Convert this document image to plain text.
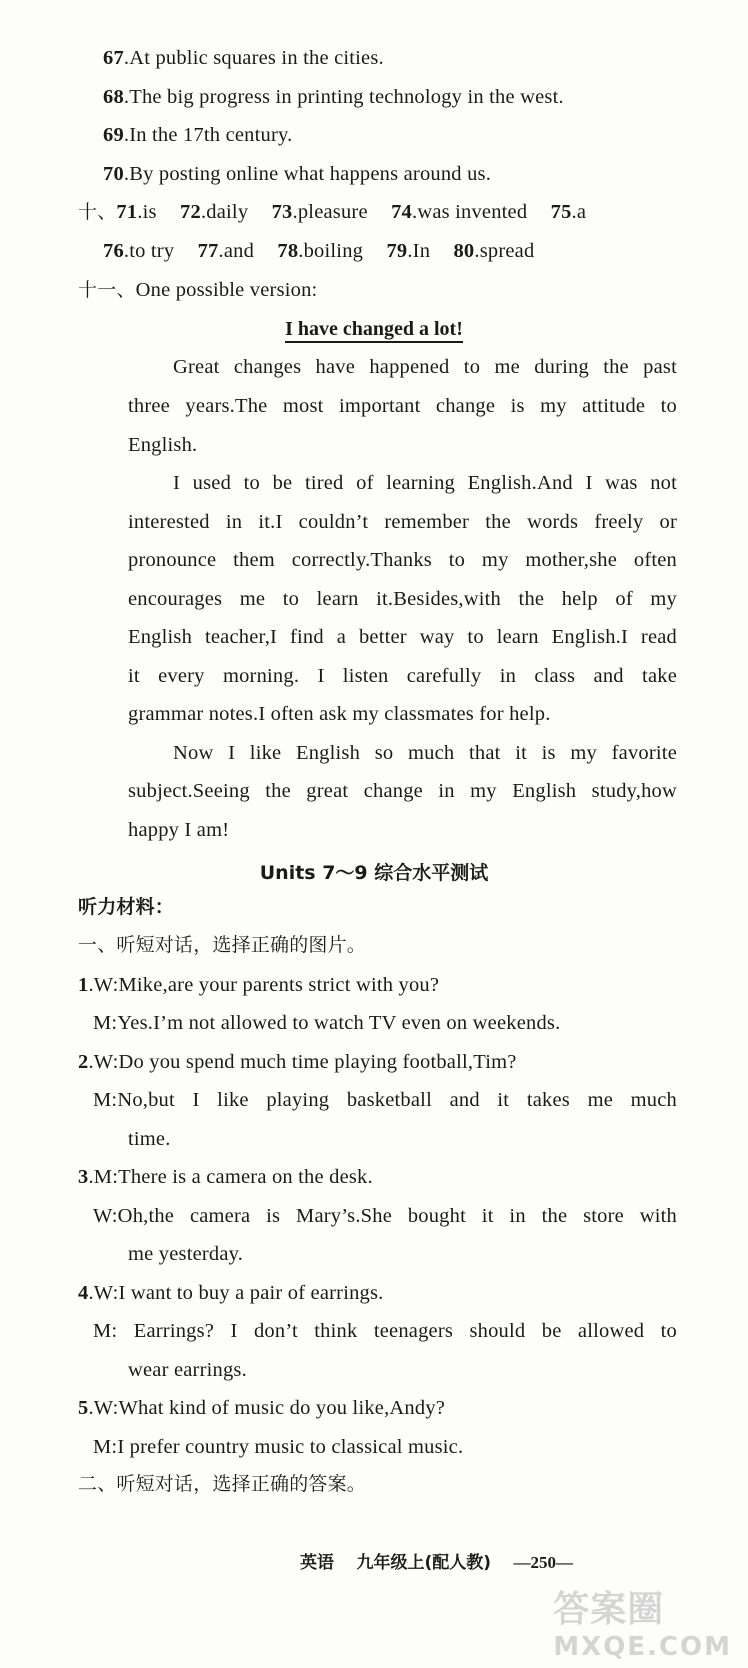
67.At public squares in the cities.
68.The big progress in printing technology in the west.
69.In the 17th century.
70.By posting online what happens around us.
十、71.is 72.daily 73.pleasure 74.was invented 75.a
76.to try 77.and 78.boiling 79.In 80.spread
十一、One possible version:
I have changed a lot!
Great changes have happened to me during the past
three years.The most important change is my attitude to
English.
I used to be tired of learning English.And I was not
interested in it.I couldn’t remember the words freely or
pronounce them correctly.Thanks to my mother,she often
encourages me to learn it.Besides,with the help of my
English teacher,I find a better way to learn English.I read
it every morning. I listen carefully in class and take
grammar notes.I often ask my classmates for help.
Now I like English so much that it is my favorite
subject.Seeing the great change in my English study,how
happy I am!
Units 7～9 综合水平测试
听力材料：
一、听短对话，选择正确的图片。
1.W:Mike,are your parents strict with you?
M:Yes.I’m not allowed to watch TV even on weekends.
2.W:Do you spend much time playing football,Tim?
M:No,but I like playing basketball and it takes me much
time.
3.M:There is a camera on the desk.
W:Oh,the camera is Mary’s.She bought it in the store with
me yesterday.
4.W:I want to buy a pair of earrings.
M: Earrings? I don’t think teenagers should be allowed to
wear earrings.
5.W:What kind of music do you like,Andy?
M:I prefer country music to classical music.
二、听短对话，选择正确的答案。
英语 九年级上(配人教) —250—
答案圈
MXQE.COM
